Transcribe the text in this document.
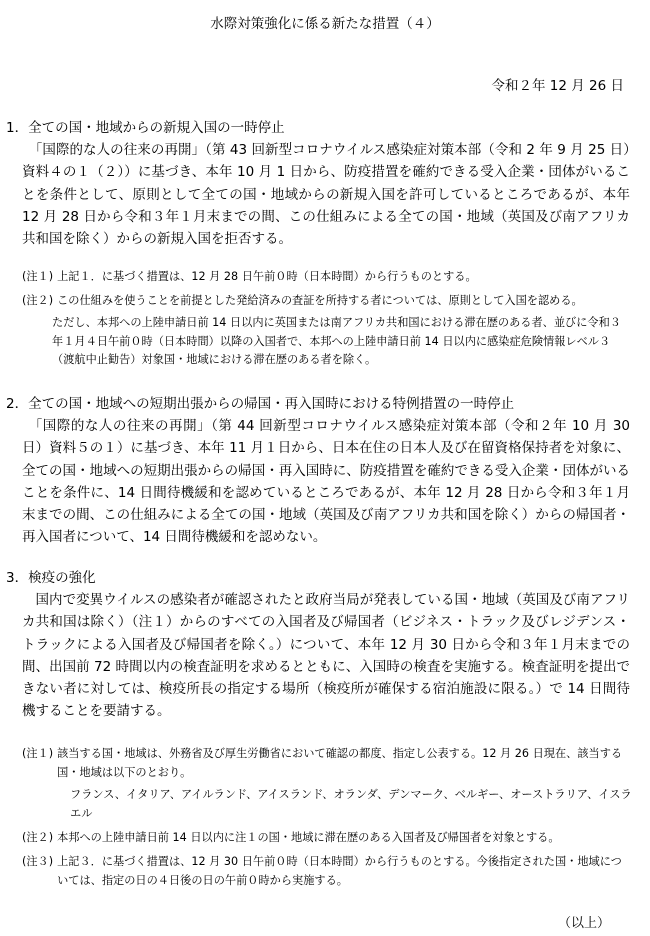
水際対策強化に係る新たな措置（４）
令和２年 12 月 26 日
1．全ての国・地域からの新規入国の一時停止

「国際的な人の往来の再開」（第 43 回新型コロナウイルス感染症対策本部（令和 2 年 9 月 25 日）資料４の１（２））に基づき、本年 10 月 1 日から、防疫措置を確約できる受入企業・団体がいることを条件として、原則として全ての国・地域からの新規入国を許可しているところであるが、本年 12 月 28 日から令和３年１月末までの間、この仕組みによる全ての国・地域（英国及び南アフリカ共和国を除く）からの新規入国を拒否する。

(注１) 上記１．に基づく措置は、12 月 28 日午前０時（日本時間）から行うものとする。
(注２) この仕組みを使うことを前提とした発給済みの査証を所持する者については、原則として入国を認める。
ただし、本邦への上陸申請日前 14 日以内に英国または南アフリカ共和国における滞在歴のある者、並びに令和３年１月４日午前０時（日本時間）以降の入国者で、本邦への上陸申請日前 14 日以内に感染症危険情報レベル３（渡航中止勧告）対象国・地域における滞在歴のある者を除く。
2．全ての国・地域への短期出張からの帰国・再入国時における特例措置の一時停止

「国際的な人の往来の再開」（第 44 回新型コロナウイルス感染症対策本部（令和２年 10 月 30 日）資料５の１）に基づき、本年 11 月１日から、日本在住の日本人及び在留資格保持者を対象に、全ての国・地域への短期出張からの帰国・再入国時に、防疫措置を確約できる受入企業・団体がいることを条件に、14 日間待機緩和を認めているところであるが、本年 12 月 28 日から令和３年１月末までの間、この仕組みによる全ての国・地域（英国及び南アフリカ共和国を除く）からの帰国者・再入国者について、14 日間待機緩和を認めない。

3．検疫の強化

国内で変異ウイルスの感染者が確認されたと政府当局が発表している国・地域（英国及び南アフリカ共和国は除く）（注１）からのすべての入国者及び帰国者（ビジネス・トラック及びレジデンス・トラックによる入国者及び帰国者を除く。）について、本年 12 月 30 日から令和３年１月末までの間、出国前 72 時間以内の検査証明を求めるとともに、入国時の検査を実施する。検査証明を提出できない者に対しては、検疫所長の指定する場所（検疫所が確保する宿泊施設に限る。）で 14 日間待機することを要請する。

(注１) 該当する国・地域は、外務省及び厚生労働省において確認の都度、指定し公表する。12 月 26 日現在、該当する国・地域は以下のとおり。
フランス、イタリア、アイルランド、アイスランド、オランダ、デンマーク、ベルギー、オーストラリア、イスラエル
(注２) 本邦への上陸申請日前 14 日以内に注１の国・地域に滞在歴のある入国者及び帰国者を対象とする。
(注３) 上記３．に基づく措置は、12 月 30 日午前０時（日本時間）から行うものとする。今後指定された国・地域については、指定の日の４日後の日の午前０時から実施する。
（以上）
